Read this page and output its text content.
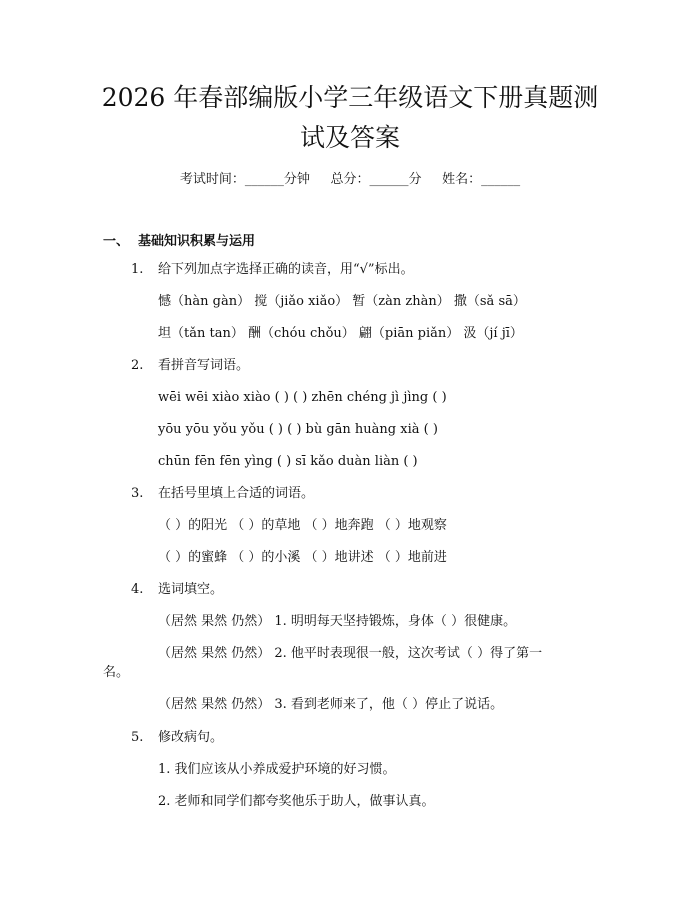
2026 年春部编版小学三年级语文下册真题测
试及答案
考试时间：______分钟     总分：______分     姓名：______
一、  基础知识积累与运用
1. 给下列加点字选择正确的读音，用“√”标出。
憾（hàn gàn） 搅（jiǎo xiǎo） 暂（zàn zhàn） 撒（sǎ sā）
坦（tǎn tan） 酬（chóu chǒu） 翩（piān piǎn） 汲（jí jī）
2. 看拼音写词语。
wēi wēi xiào xiào ( ) ( ) zhēn chéng jì jìng ( )
yōu yōu yǒu yǒu ( ) ( ) bù gān huàng xià ( )
chūn fēn fēn yìng ( ) sī kǎo duàn liàn ( )
3. 在括号里填上合适的词语。
（ ）的阳光 （ ）的草地 （ ）地奔跑 （ ）地观察
（ ）的蜜蜂 （ ）的小溪 （ ）地讲述 （ ）地前进
4. 选词填空。
（居然 果然 仍然） 1. 明明每天坚持锻炼，身体（ ）很健康。
（居然 果然 仍然） 2. 他平时表现很一般，这次考试（ ）得了第一
名。
（居然 果然 仍然） 3. 看到老师来了，他（ ）停止了说话。
5. 修改病句。
1. 我们应该从小养成爱护环境的好习惯。
2. 老师和同学们都夸奖他乐于助人，做事认真。
